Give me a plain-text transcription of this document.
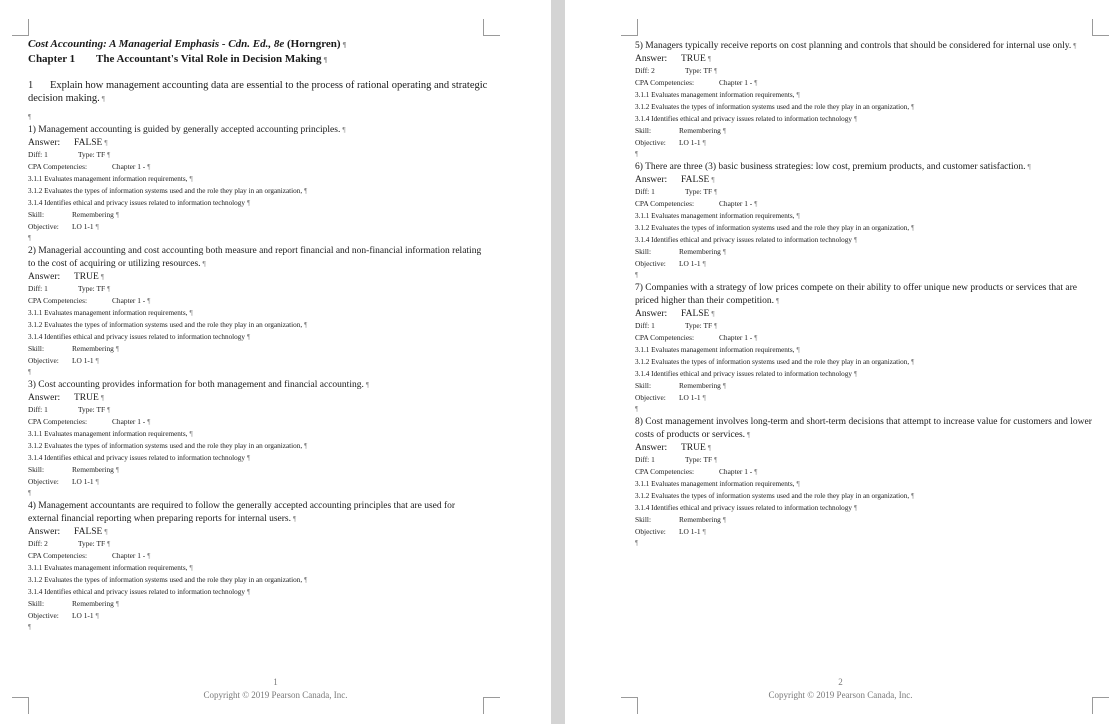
Cost Accounting: A Managerial Emphasis - Cdn. Ed., 8e (Horngren) ¶
Chapter 1 The Accountant's Vital Role in Decision Making ¶
1 Explain how management accounting data are essential to the process of rational operating and strategic decision making. ¶
¶
1) Management accounting is guided by generally accepted accounting principles. ¶
Answer: FALSE ¶
Diff: 1	Type: TF ¶
CPA Competencies:	Chapter 1 - ¶
3.1.1 Evaluates management information requirements, ¶
3.1.2 Evaluates the types of information systems used and the role they play in an organization, ¶
3.1.4 Identifies ethical and privacy issues related to information technology ¶
Skill:	Remembering ¶
Objective: LO 1-1 ¶
¶
2) Managerial accounting and cost accounting both measure and report financial and non-financial information relating to the cost of acquiring or utilizing resources. ¶
Answer: TRUE ¶
Diff: 1	Type: TF ¶
CPA Competencies:	Chapter 1 - ¶
3.1.1 Evaluates management information requirements, ¶
3.1.2 Evaluates the types of information systems used and the role they play in an organization, ¶
3.1.4 Identifies ethical and privacy issues related to information technology ¶
Skill:	Remembering ¶
Objective: LO 1-1 ¶
¶
3) Cost accounting provides information for both management and financial accounting. ¶
Answer: TRUE ¶
Diff: 1	Type: TF ¶
CPA Competencies:	Chapter 1 - ¶
3.1.1 Evaluates management information requirements, ¶
3.1.2 Evaluates the types of information systems used and the role they play in an organization, ¶
3.1.4 Identifies ethical and privacy issues related to information technology ¶
Skill:	Remembering ¶
Objective: LO 1-1 ¶
¶
4) Management accountants are required to follow the generally accepted accounting principles that are used for external financial reporting when preparing reports for internal users. ¶
Answer: FALSE ¶
Diff: 2	Type: TF ¶
CPA Competencies:	Chapter 1 - ¶
3.1.1 Evaluates management information requirements, ¶
3.1.2 Evaluates the types of information systems used and the role they play in an organization, ¶
3.1.4 Identifies ethical and privacy issues related to information technology ¶
Skill:	Remembering ¶
Objective: LO 1-1 ¶
¶
1
Copyright © 2019 Pearson Canada, Inc.
5) Managers typically receive reports on cost planning and controls that should be considered for internal use only. ¶
Answer: TRUE ¶
Diff: 2	Type: TF ¶
CPA Competencies:	Chapter 1 - ¶
3.1.1 Evaluates management information requirements, ¶
3.1.2 Evaluates the types of information systems used and the role they play in an organization, ¶
3.1.4 Identifies ethical and privacy issues related to information technology ¶
Skill:	Remembering ¶
Objective: LO 1-1 ¶
¶
6) There are three (3) basic business strategies: low cost, premium products, and customer satisfaction. ¶
Answer: FALSE ¶
Diff: 1	Type: TF ¶
CPA Competencies:	Chapter 1 - ¶
3.1.1 Evaluates management information requirements, ¶
3.1.2 Evaluates the types of information systems used and the role they play in an organization, ¶
3.1.4 Identifies ethical and privacy issues related to information technology ¶
Skill:	Remembering ¶
Objective: LO 1-1 ¶
¶
7) Companies with a strategy of low prices compete on their ability to offer unique new products or services that are priced higher than their competition. ¶
Answer: FALSE ¶
Diff: 1	Type: TF ¶
CPA Competencies:	Chapter 1 - ¶
3.1.1 Evaluates management information requirements, ¶
3.1.2 Evaluates the types of information systems used and the role they play in an organization, ¶
3.1.4 Identifies ethical and privacy issues related to information technology ¶
Skill:	Remembering ¶
Objective: LO 1-1 ¶
¶
8) Cost management involves long-term and short-term decisions that attempt to increase value for customers and lower costs of products or services. ¶
Answer: TRUE ¶
Diff: 1	Type: TF ¶
CPA Competencies:	Chapter 1 - ¶
3.1.1 Evaluates management information requirements, ¶
3.1.2 Evaluates the types of information systems used and the role they play in an organization, ¶
3.1.4 Identifies ethical and privacy issues related to information technology ¶
Skill:	Remembering ¶
Objective: LO 1-1 ¶
¶
2
Copyright © 2019 Pearson Canada, Inc.
